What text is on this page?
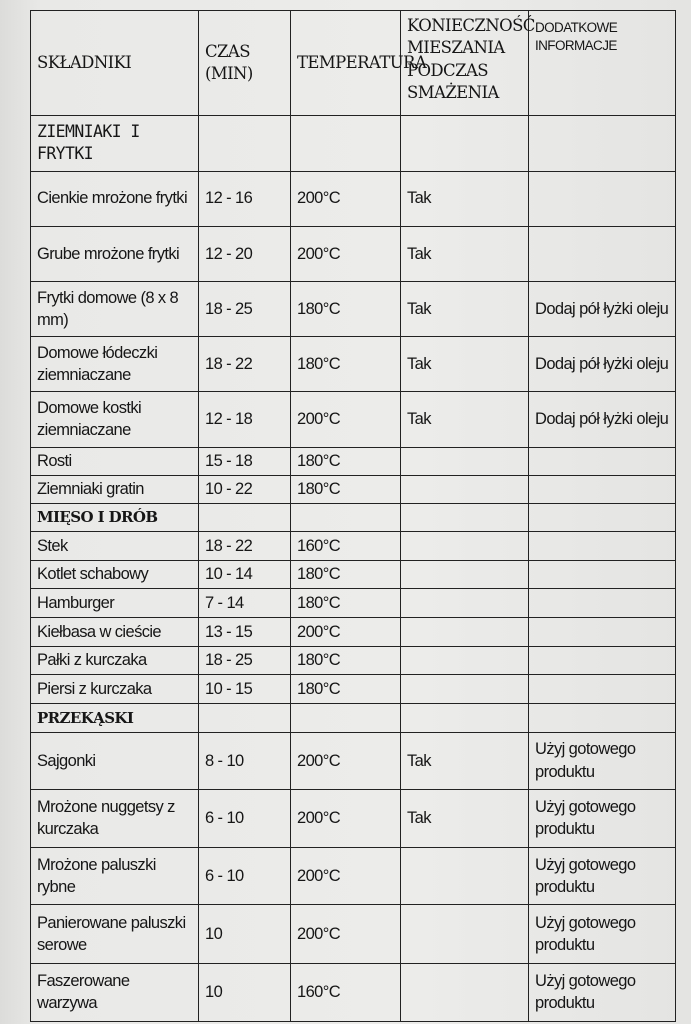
SKŁADNIKI	CZAS (MIN)	TEMPERATURA	KONIECZNOŚĆ MIESZANIA PODCZAS SMAŻENIA	DODATKOWE INFORMACJE
ZIEMNIAKI I FRYTKI				
Cienkie mrożone frytki	12 - 16	200°C	Tak	
Grube mrożone frytki	12 - 20	200°C	Tak	
Frytki domowe (8 x 8 mm)	18 - 25	180°C	Tak	Dodaj pół łyżki oleju
Domowe łódeczki ziemniaczane	18 - 22	180°C	Tak	Dodaj pół łyżki oleju
Domowe kostki ziemniaczane	12 - 18	200°C	Tak	Dodaj pół łyżki oleju
Rosti	15 - 18	180°C		
Ziemniaki gratin	10 - 22	180°C		
MIĘSO I DRÓB				
Stek	18 - 22	160°C		
Kotlet schabowy	10 - 14	180°C		
Hamburger	7 - 14	180°C		
Kiełbasa w cieście	13 - 15	200°C		
Pałki z kurczaka	18 - 25	180°C		
Piersi z kurczaka	10 - 15	180°C		
PRZEKĄSKI				
Sajgonki	8 - 10	200°C	Tak	Użyj gotowego produktu
Mrożone nuggetsy z kurczaka	6 - 10	200°C	Tak	Użyj gotowego produktu
Mrożone paluszki rybne	6 - 10	200°C		Użyj gotowego produktu
Panierowane paluszki serowe	10	200°C		Użyj gotowego produktu
Faszerowane warzywa	10	160°C		Użyj gotowego produktu
